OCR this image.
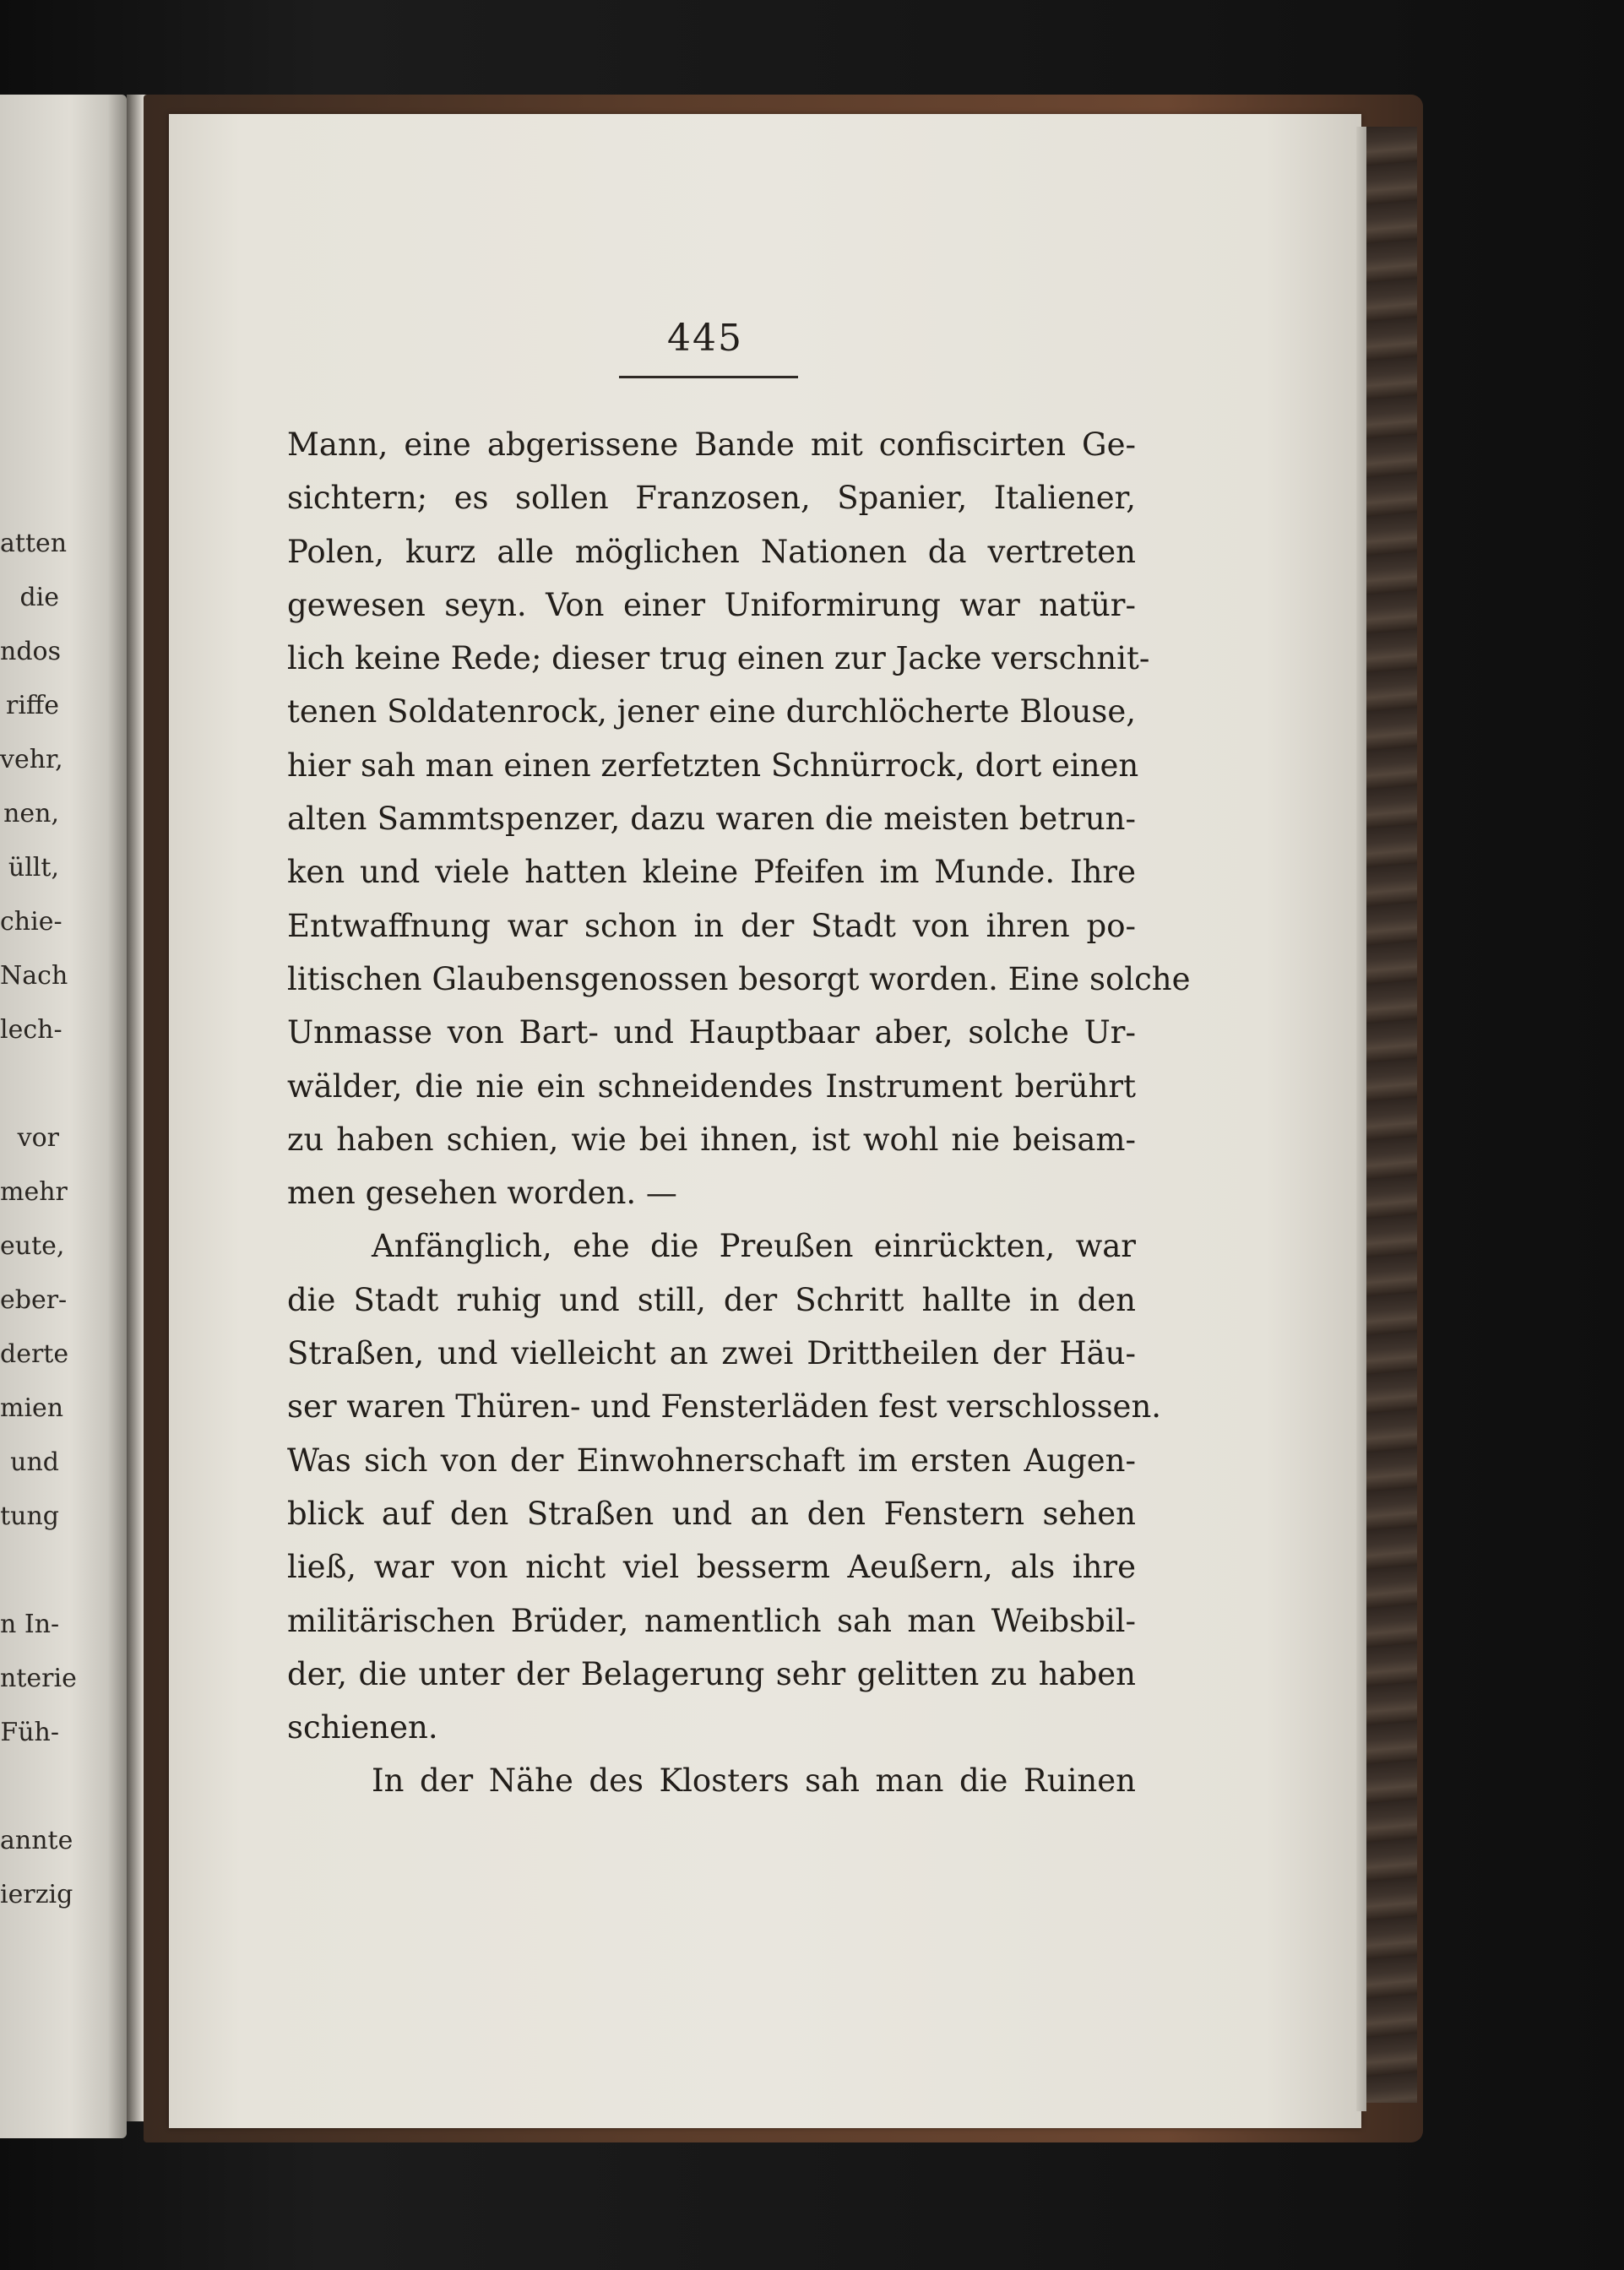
atten
die
ndos
riffe
vehr,
nen,
üllt,
chie-
Nach
lech-
vor
mehr
eute,
eber-
derte
mien
und
tung
n In-
nterie
Füh-
annte
ierzig
445
Mann, eine abgerissene Bande mit confiscirten Ge-
sichtern; es sollen Franzosen, Spanier, Italiener,
Polen, kurz alle möglichen Nationen da vertreten
gewesen seyn. Von einer Uniformirung war natür-
lich keine Rede; dieser trug einen zur Jacke verschnit-
tenen Soldatenrock, jener eine durchlöcherte Blouse,
hier sah man einen zerfetzten Schnürrock, dort einen
alten Sammtspenzer, dazu waren die meisten betrun-
ken und viele hatten kleine Pfeifen im Munde. Ihre
Entwaffnung war schon in der Stadt von ihren po-
litischen Glaubensgenossen besorgt worden. Eine solche
Unmasse von Bart- und Hauptbaar aber, solche Ur-
wälder, die nie ein schneidendes Instrument berührt
zu haben schien, wie bei ihnen, ist wohl nie beisam-
men gesehen worden. —
Anfänglich, ehe die Preußen einrückten, war
die Stadt ruhig und still, der Schritt hallte in den
Straßen, und vielleicht an zwei Drittheilen der Häu-
ser waren Thüren- und Fensterläden fest verschlossen.
Was sich von der Einwohnerschaft im ersten Augen-
blick auf den Straßen und an den Fenstern sehen
ließ, war von nicht viel besserm Aeußern, als ihre
militärischen Brüder, namentlich sah man Weibsbil-
der, die unter der Belagerung sehr gelitten zu haben
schienen.
In der Nähe des Klosters sah man die Ruinen
